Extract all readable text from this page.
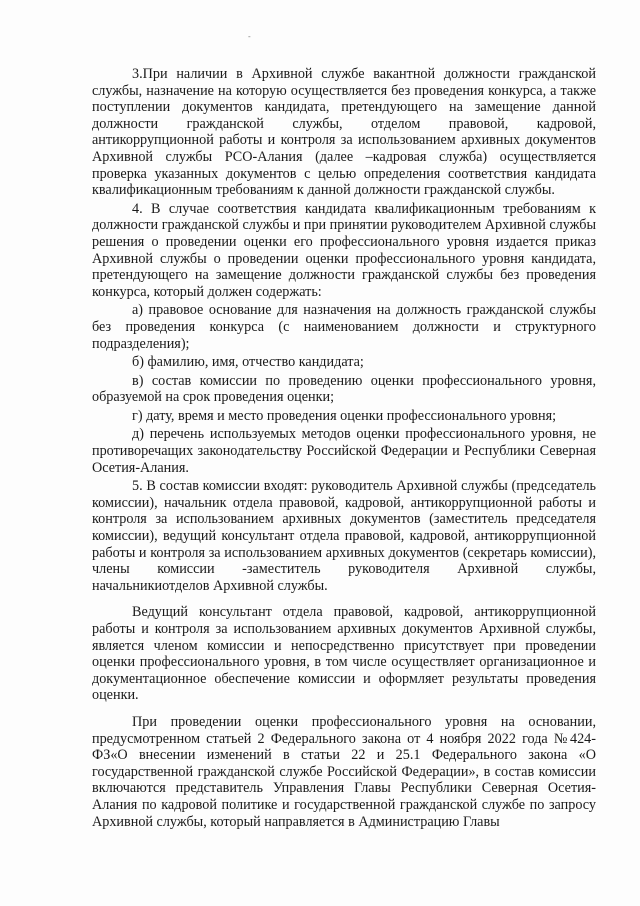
-

3.При наличии в Архивной службе вакантной должности гражданской службы, назначение на которую осуществляется без проведения конкурса, а также поступлении документов кандидата, претендующего на замещение данной должности гражданской службы, отделом правовой, кадровой, антикоррупционной работы и контроля за использованием архивных документов Архивной службы РСО-Алания (далее –кадровая служба) осуществляется проверка указанных документов с целью определения соответствия кандидата квалификационным требованиям к данной должности гражданской службы.

4. В случае соответствия кандидата квалификационным требованиям к должности гражданской службы и при принятии руководителем Архивной службы решения о проведении оценки его профессионального уровня издается приказ Архивной службы о проведении оценки профессионального уровня кандидата, претендующего на замещение должности гражданской службы без проведения конкурса, который должен содержать:

а) правовое основание для назначения на должность гражданской службы без проведения конкурса (с наименованием должности и структурного подразделения);

б) фамилию, имя, отчество кандидата;

в) состав комиссии по проведению оценки профессионального уровня, образуемой на срок проведения оценки;

г) дату, время и место проведения оценки профессионального уровня;

д) перечень используемых методов оценки профессионального уровня, не противоречащих законодательству Российской Федерации и Республики Северная Осетия-Алания.

5. В состав комиссии входят: руководитель Архивной службы (председатель комиссии), начальник отдела правовой, кадровой, антикоррупционной работы и контроля за использованием архивных документов (заместитель председателя комиссии), ведущий консультант отдела правовой, кадровой, антикоррупционной работы и контроля за использованием архивных документов (секретарь комиссии), члены комиссии -заместитель руководителя Архивной службы, начальникиотделов Архивной службы.

Ведущий консультант отдела правовой, кадровой, антикоррупционной работы и контроля за использованием архивных документов Архивной службы, является членом комиссии и непосредственно присутствует при проведении оценки профессионального уровня, в том числе осуществляет организационное и документационное обеспечение комиссии и оформляет результаты проведения оценки.

При проведении оценки профессионального уровня на основании, предусмотренном статьей 2 Федерального закона от 4 ноября 2022 года №424-ФЗ«О внесении изменений в статьи 22 и 25.1 Федерального закона «О государственной гражданской службе Российской Федерации», в состав комиссии включаются представитель Управления Главы Республики Северная Осетия-Алания по кадровой политике и государственной гражданской службе по запросу Архивной службы, который направляется в Администрацию Главы
